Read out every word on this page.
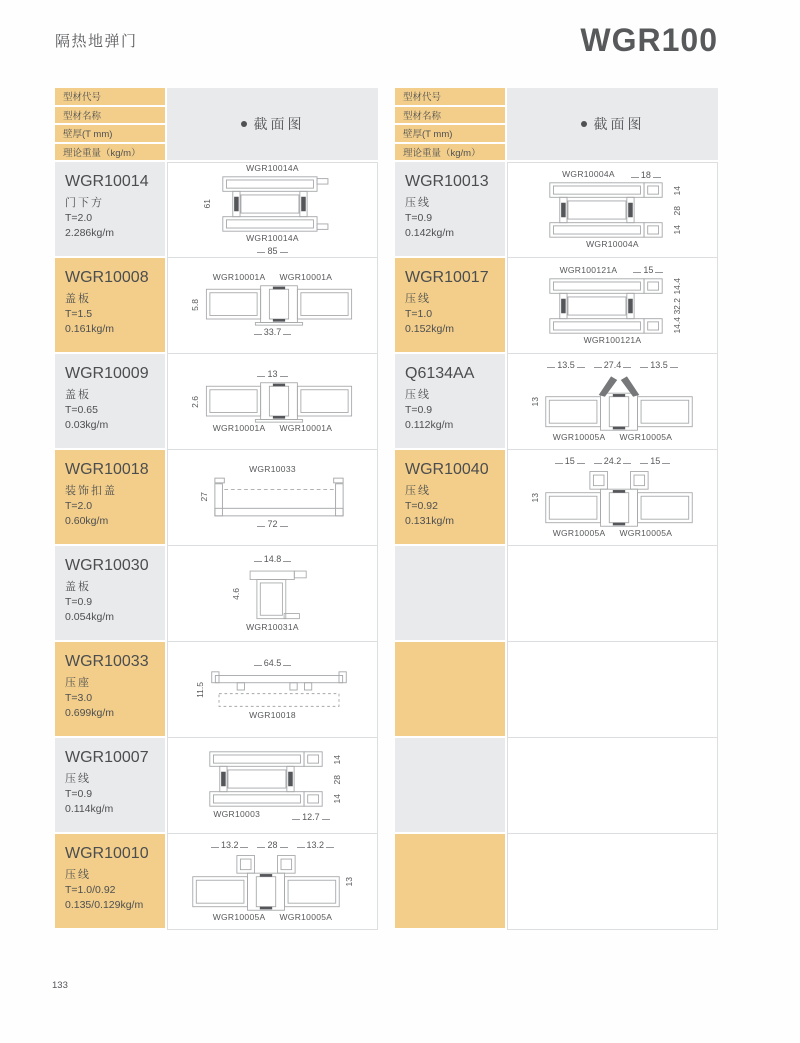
隔热地弹门	WGR100
型材代号
型材名称
壁厚(T mm)
理论重量（kg/m）
截面图
WGR10014
门下方
T=2.0
2.286kg/m
WGR10014A
61
WGR10014A
85
WGR10008
盖板
T=1.5
0.161kg/m
WGR10001A WGR10001A
5.8
33.7
WGR10009
盖板
T=0.65
0.03kg/m
13
2.6
WGR10001A WGR10001A
WGR10018
装饰扣盖
T=2.0
0.60kg/m
WGR10033
27
72
WGR10030
盖板
T=0.9
0.054kg/m
14.8
4.6
WGR10031A
WGR10033
压座
T=3.0
0.699kg/m
64.5
11.5
WGR10018
WGR10007
压线
T=0.9
0.114kg/m
14
28
14
WGR10003	12.7
WGR10010
压线
T=1.0/0.92
0.135/0.129kg/m
13.2	28	13.2
13
WGR10005A WGR10005A
型材代号
型材名称
壁厚(T mm)
理论重量（kg/m）
截面图
WGR10013
压线
T=0.9
0.142kg/m
WGR10004A	18
14
28
14
WGR10004A
WGR10017
压线
T=1.0
0.152kg/m
WGR100121A	15
14.4
32.2
14.4
WGR100121A
Q6134AA
压线
T=0.9
0.112kg/m
13.5	27.4	13.5
13
WGR10005A WGR10005A
WGR10040
压线
T=0.92
0.131kg/m
15	24.2	15
13
WGR10005A WGR10005A
133
